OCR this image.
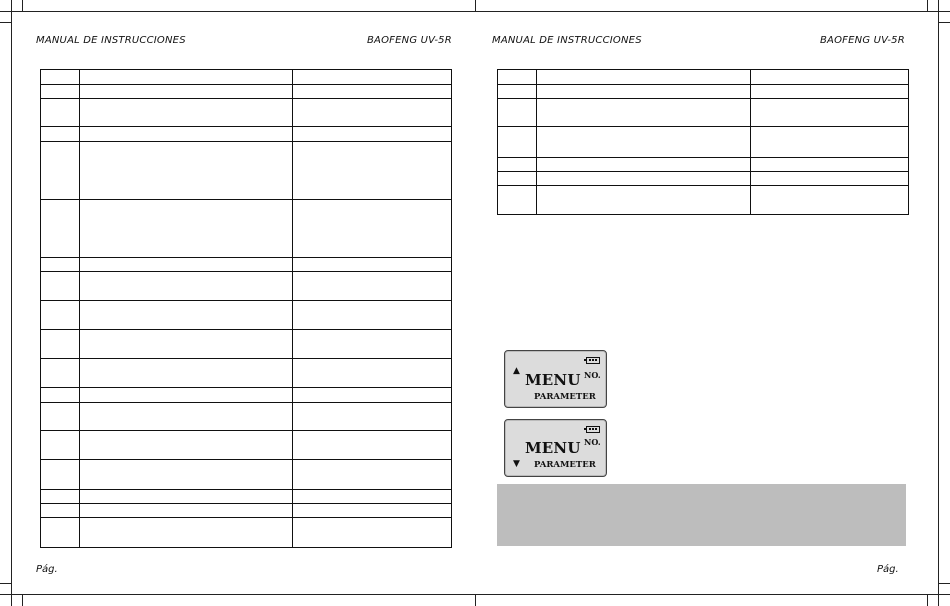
MANUAL DE INSTRUCCIONES	BAOFENG UV-5R

Pág.
MANUAL DE INSTRUCCIONES	BAOFENG UV-5R

▲ MENU NO.
PARAMETER
MENU NO.
▼ PARAMETER
Pág.
